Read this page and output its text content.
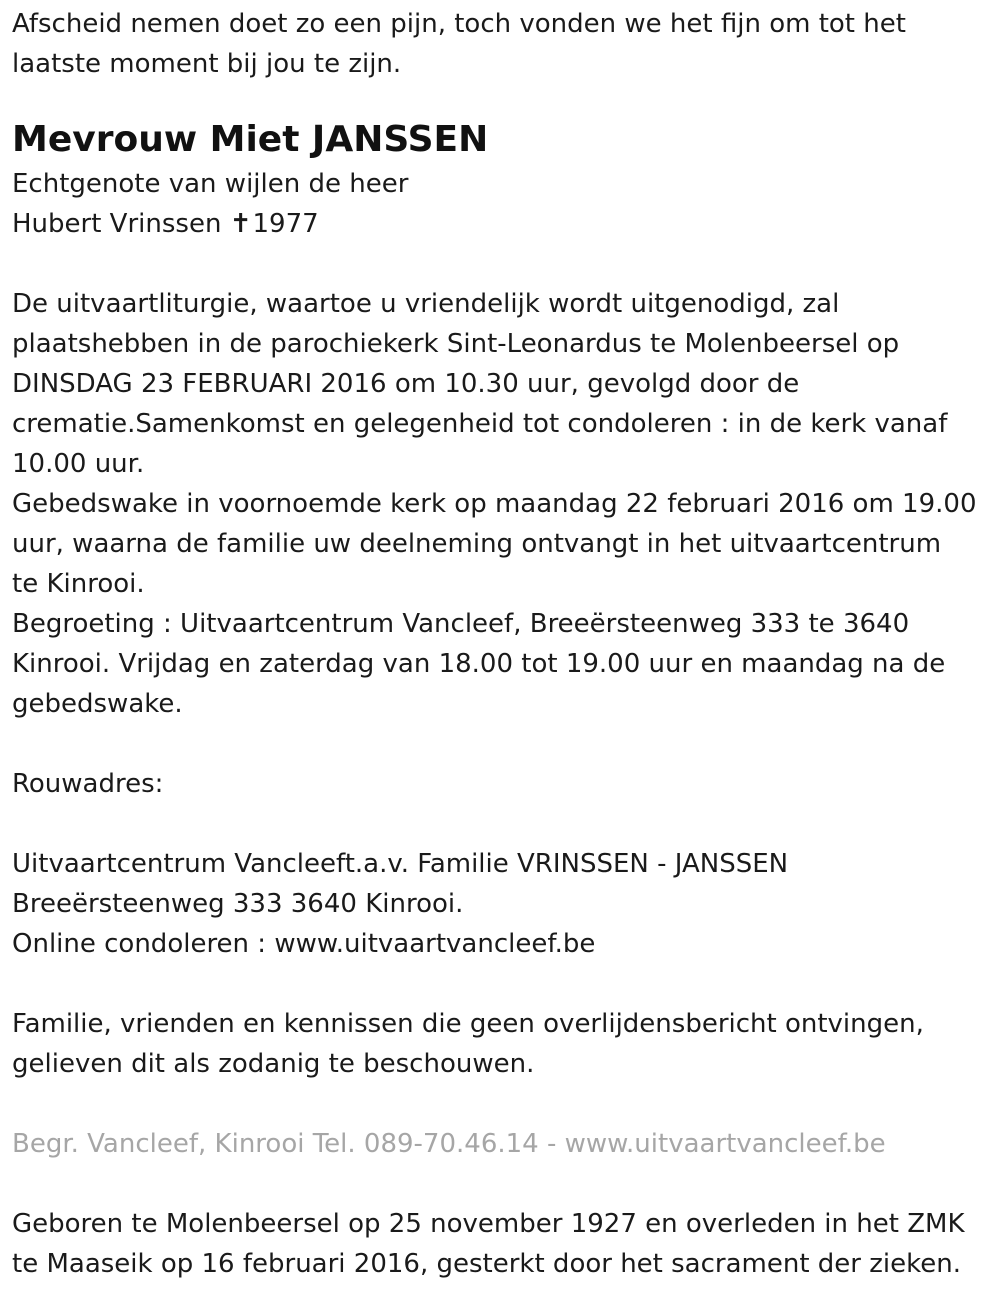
Afscheid nemen doet zo een pijn, toch vonden we het fijn om tot het
laatste moment bij jou te zijn.
Mevrouw Miet JANSSEN
Echtgenote van wijlen de heer
Hubert Vrinssen ✝1977
De uitvaartliturgie, waartoe u vriendelijk wordt uitgenodigd, zal
plaatshebben in de parochiekerk Sint-Leonardus te Molenbeersel op
DINSDAG 23 FEBRUARI 2016 om 10.30 uur, gevolgd door de
crematie.Samenkomst en gelegenheid tot condoleren : in de kerk vanaf
10.00 uur.
Gebedswake in voornoemde kerk op maandag 22 februari 2016 om 19.00
uur, waarna de familie uw deelneming ontvangt in het uitvaartcentrum
te Kinrooi.
Begroeting : Uitvaartcentrum Vancleef, Breeërsteenweg 333 te 3640
Kinrooi. Vrijdag en zaterdag van 18.00 tot 19.00 uur en maandag na de
gebedswake.
Rouwadres:
Uitvaartcentrum Vancleeft.a.v. Familie VRINSSEN - JANSSEN
Breeërsteenweg 333 3640 Kinrooi.
Online condoleren : www.uitvaartvancleef.be
Familie, vrienden en kennissen die geen overlijdensbericht ontvingen,
gelieven dit als zodanig te beschouwen.
Begr. Vancleef, Kinrooi Tel. 089-70.46.14 - www.uitvaartvancleef.be
Geboren te Molenbeersel op 25 november 1927 en overleden in het ZMK
te Maaseik op 16 februari 2016, gesterkt door het sacrament der zieken.
